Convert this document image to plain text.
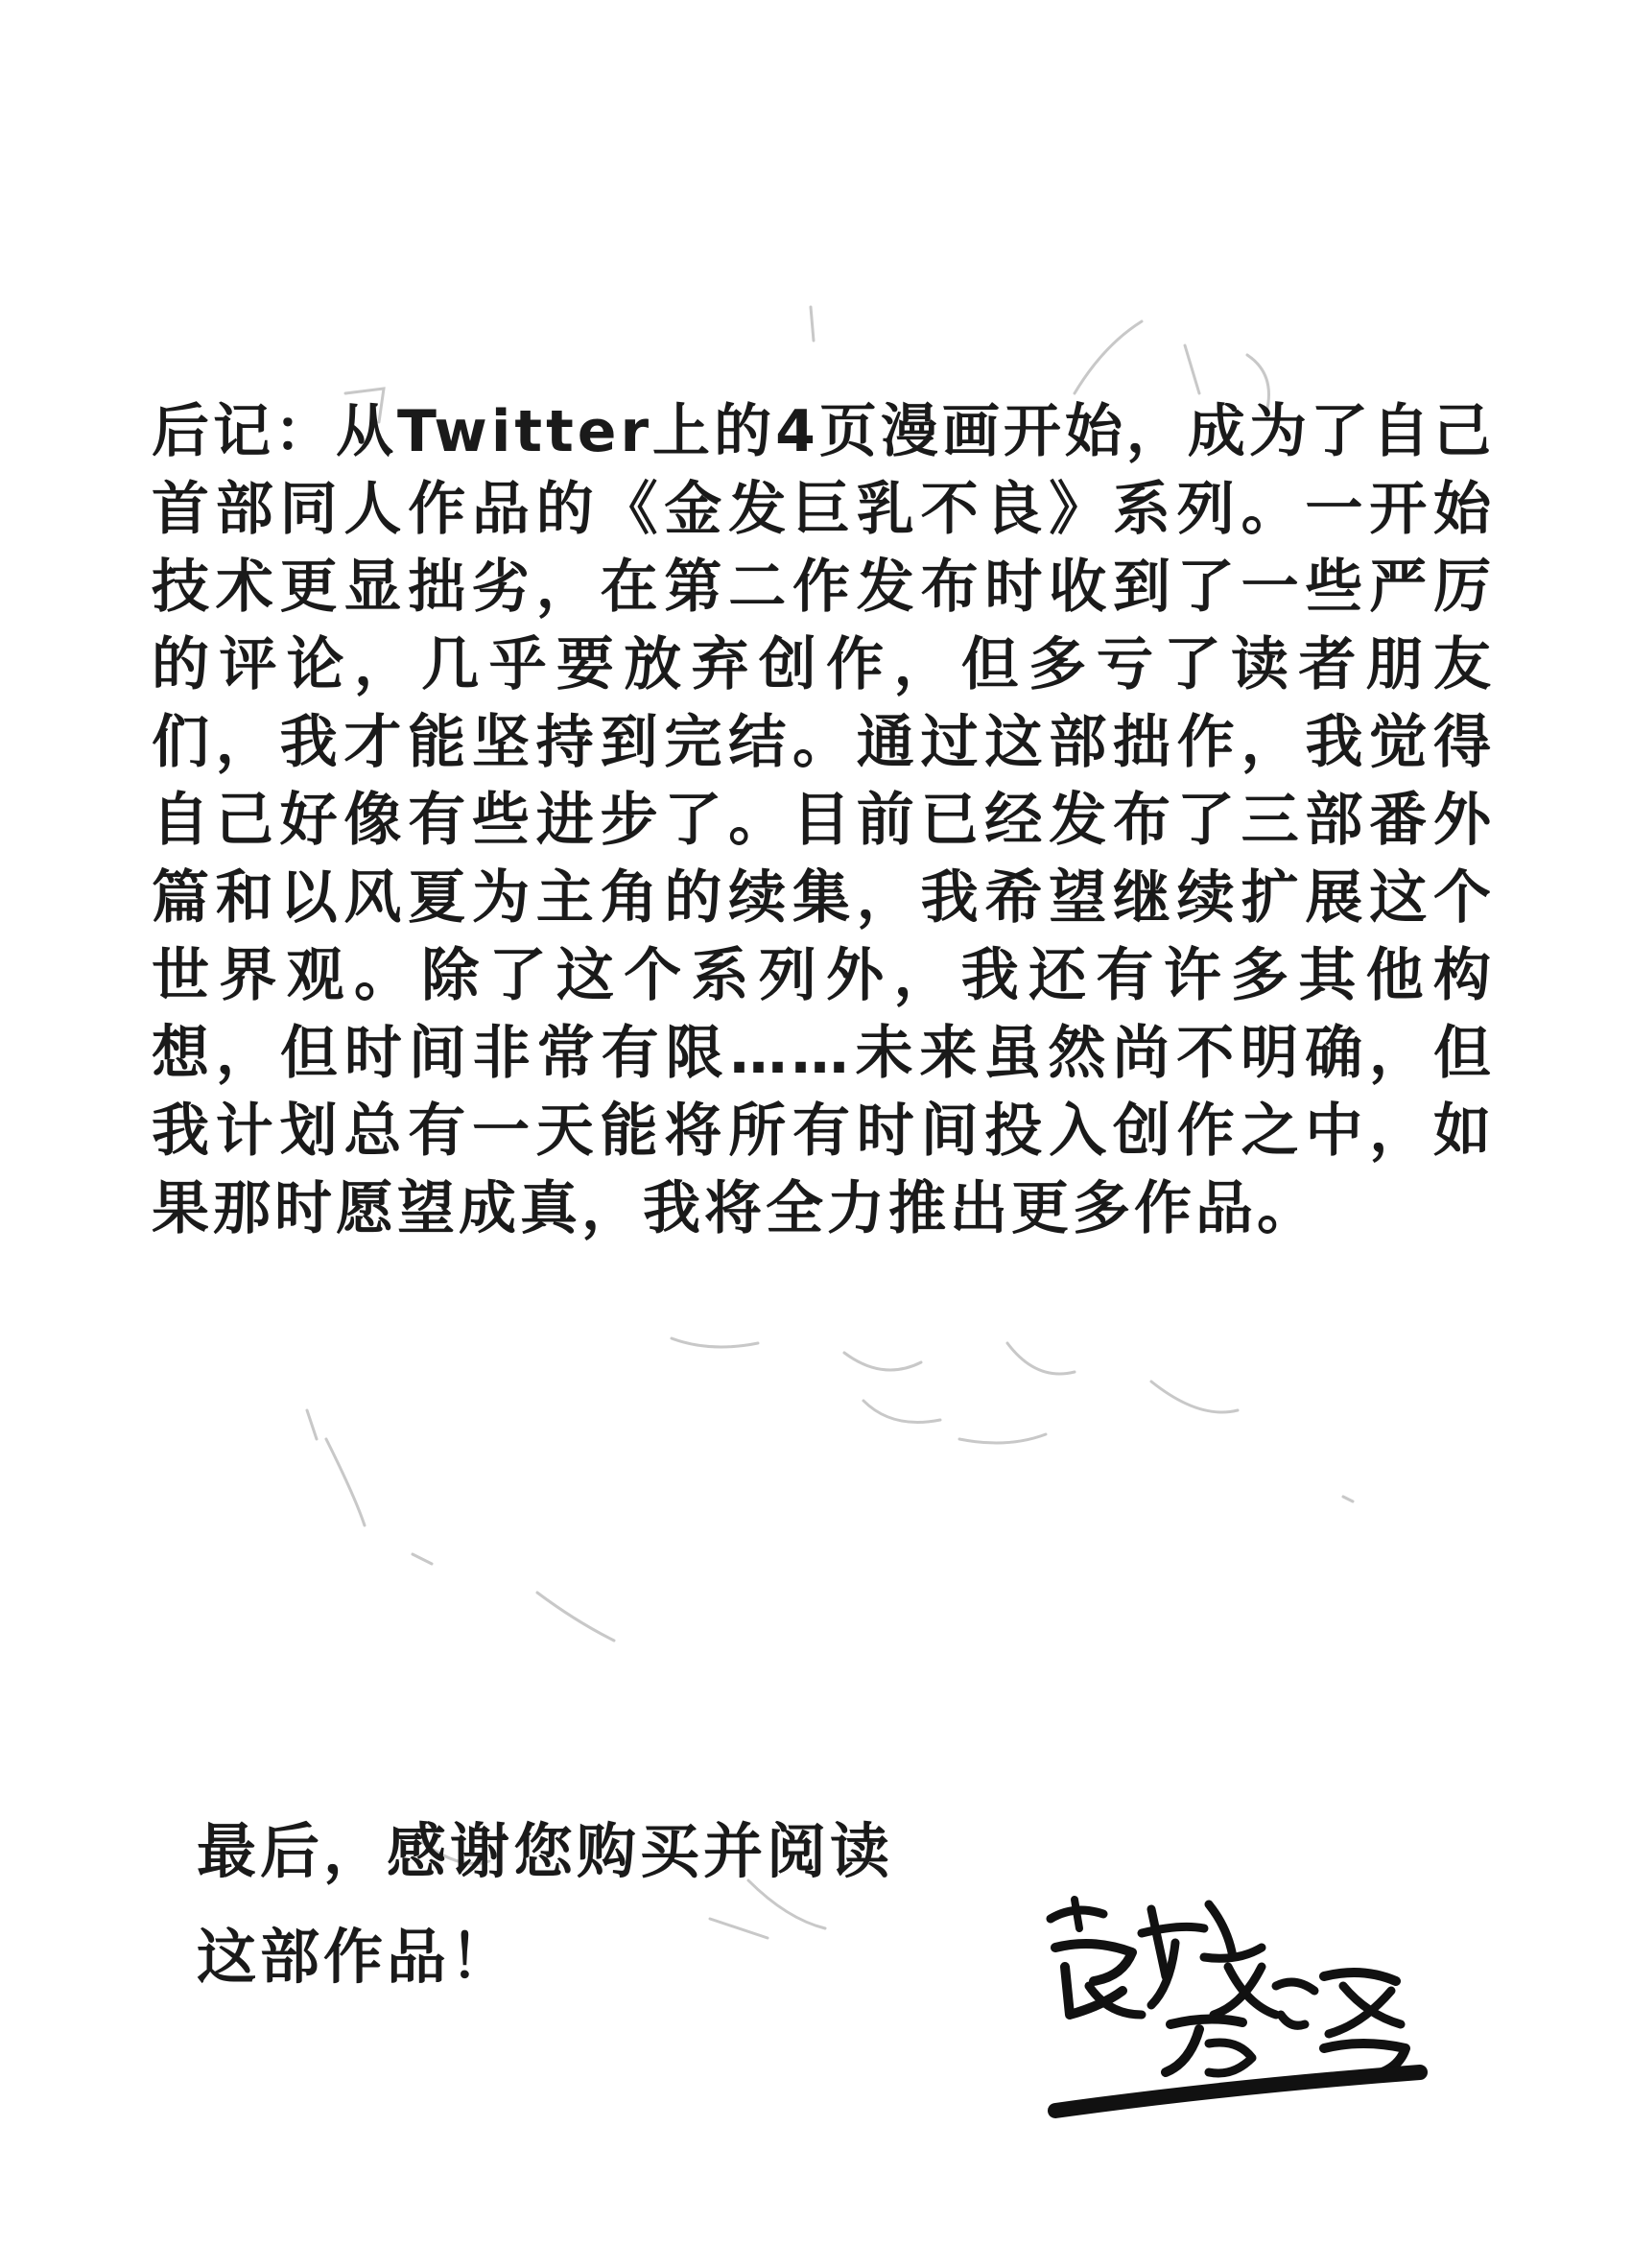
后记：从Twitter上的4页漫画开始，成为了自己首部同人作品的《金发巨乳不良》系列。一开始技术更显拙劣，在第二作发布时收到了一些严厉的评论，几乎要放弃创作，但多亏了读者朋友们，我才能坚持到完结。通过这部拙作，我觉得自己好像有些进步了。目前已经发布了三部番外篇和以风夏为主角的续集，我希望继续扩展这个世界观。除了这个系列外，我还有许多其他构想，但时间非常有限……未来虽然尚不明确，但我计划总有一天能将所有时间投入创作之中，如果那时愿望成真，我将全力推出更多作品。

最后，感谢您购买并阅读
这部作品！
